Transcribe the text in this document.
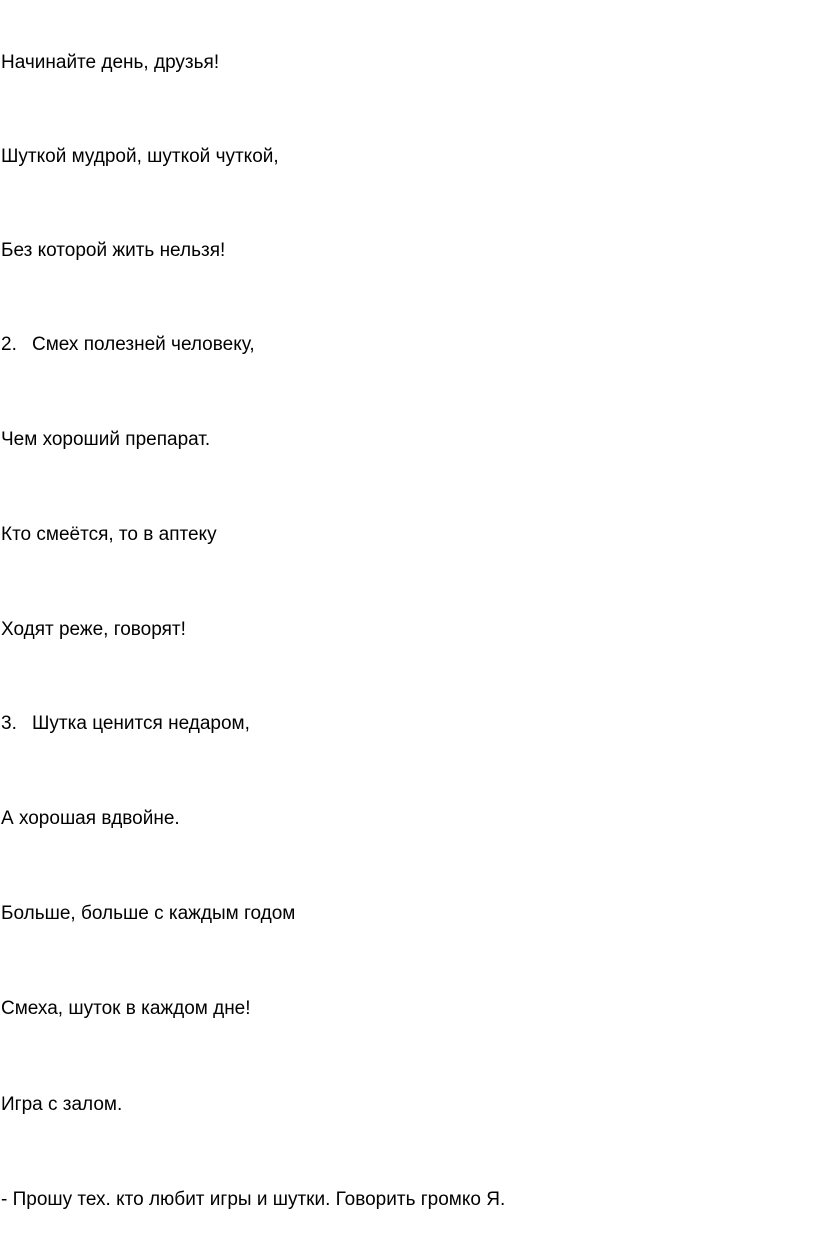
Начинайте день, друзья!
Шуткой мудрой, шуткой чуткой,
Без которой жить нельзя!
2. Смех полезней человеку,
Чем хороший препарат.
Кто смеётся, то в аптеку
Ходят реже, говорят!
3. Шутка ценится недаром,
А хорошая вдвойне.
Больше, больше с каждым годом
Смеха, шуток в каждом дне!
Игра с залом.
- Прошу тех. кто любит игры и шутки. Говорить громко Я.
